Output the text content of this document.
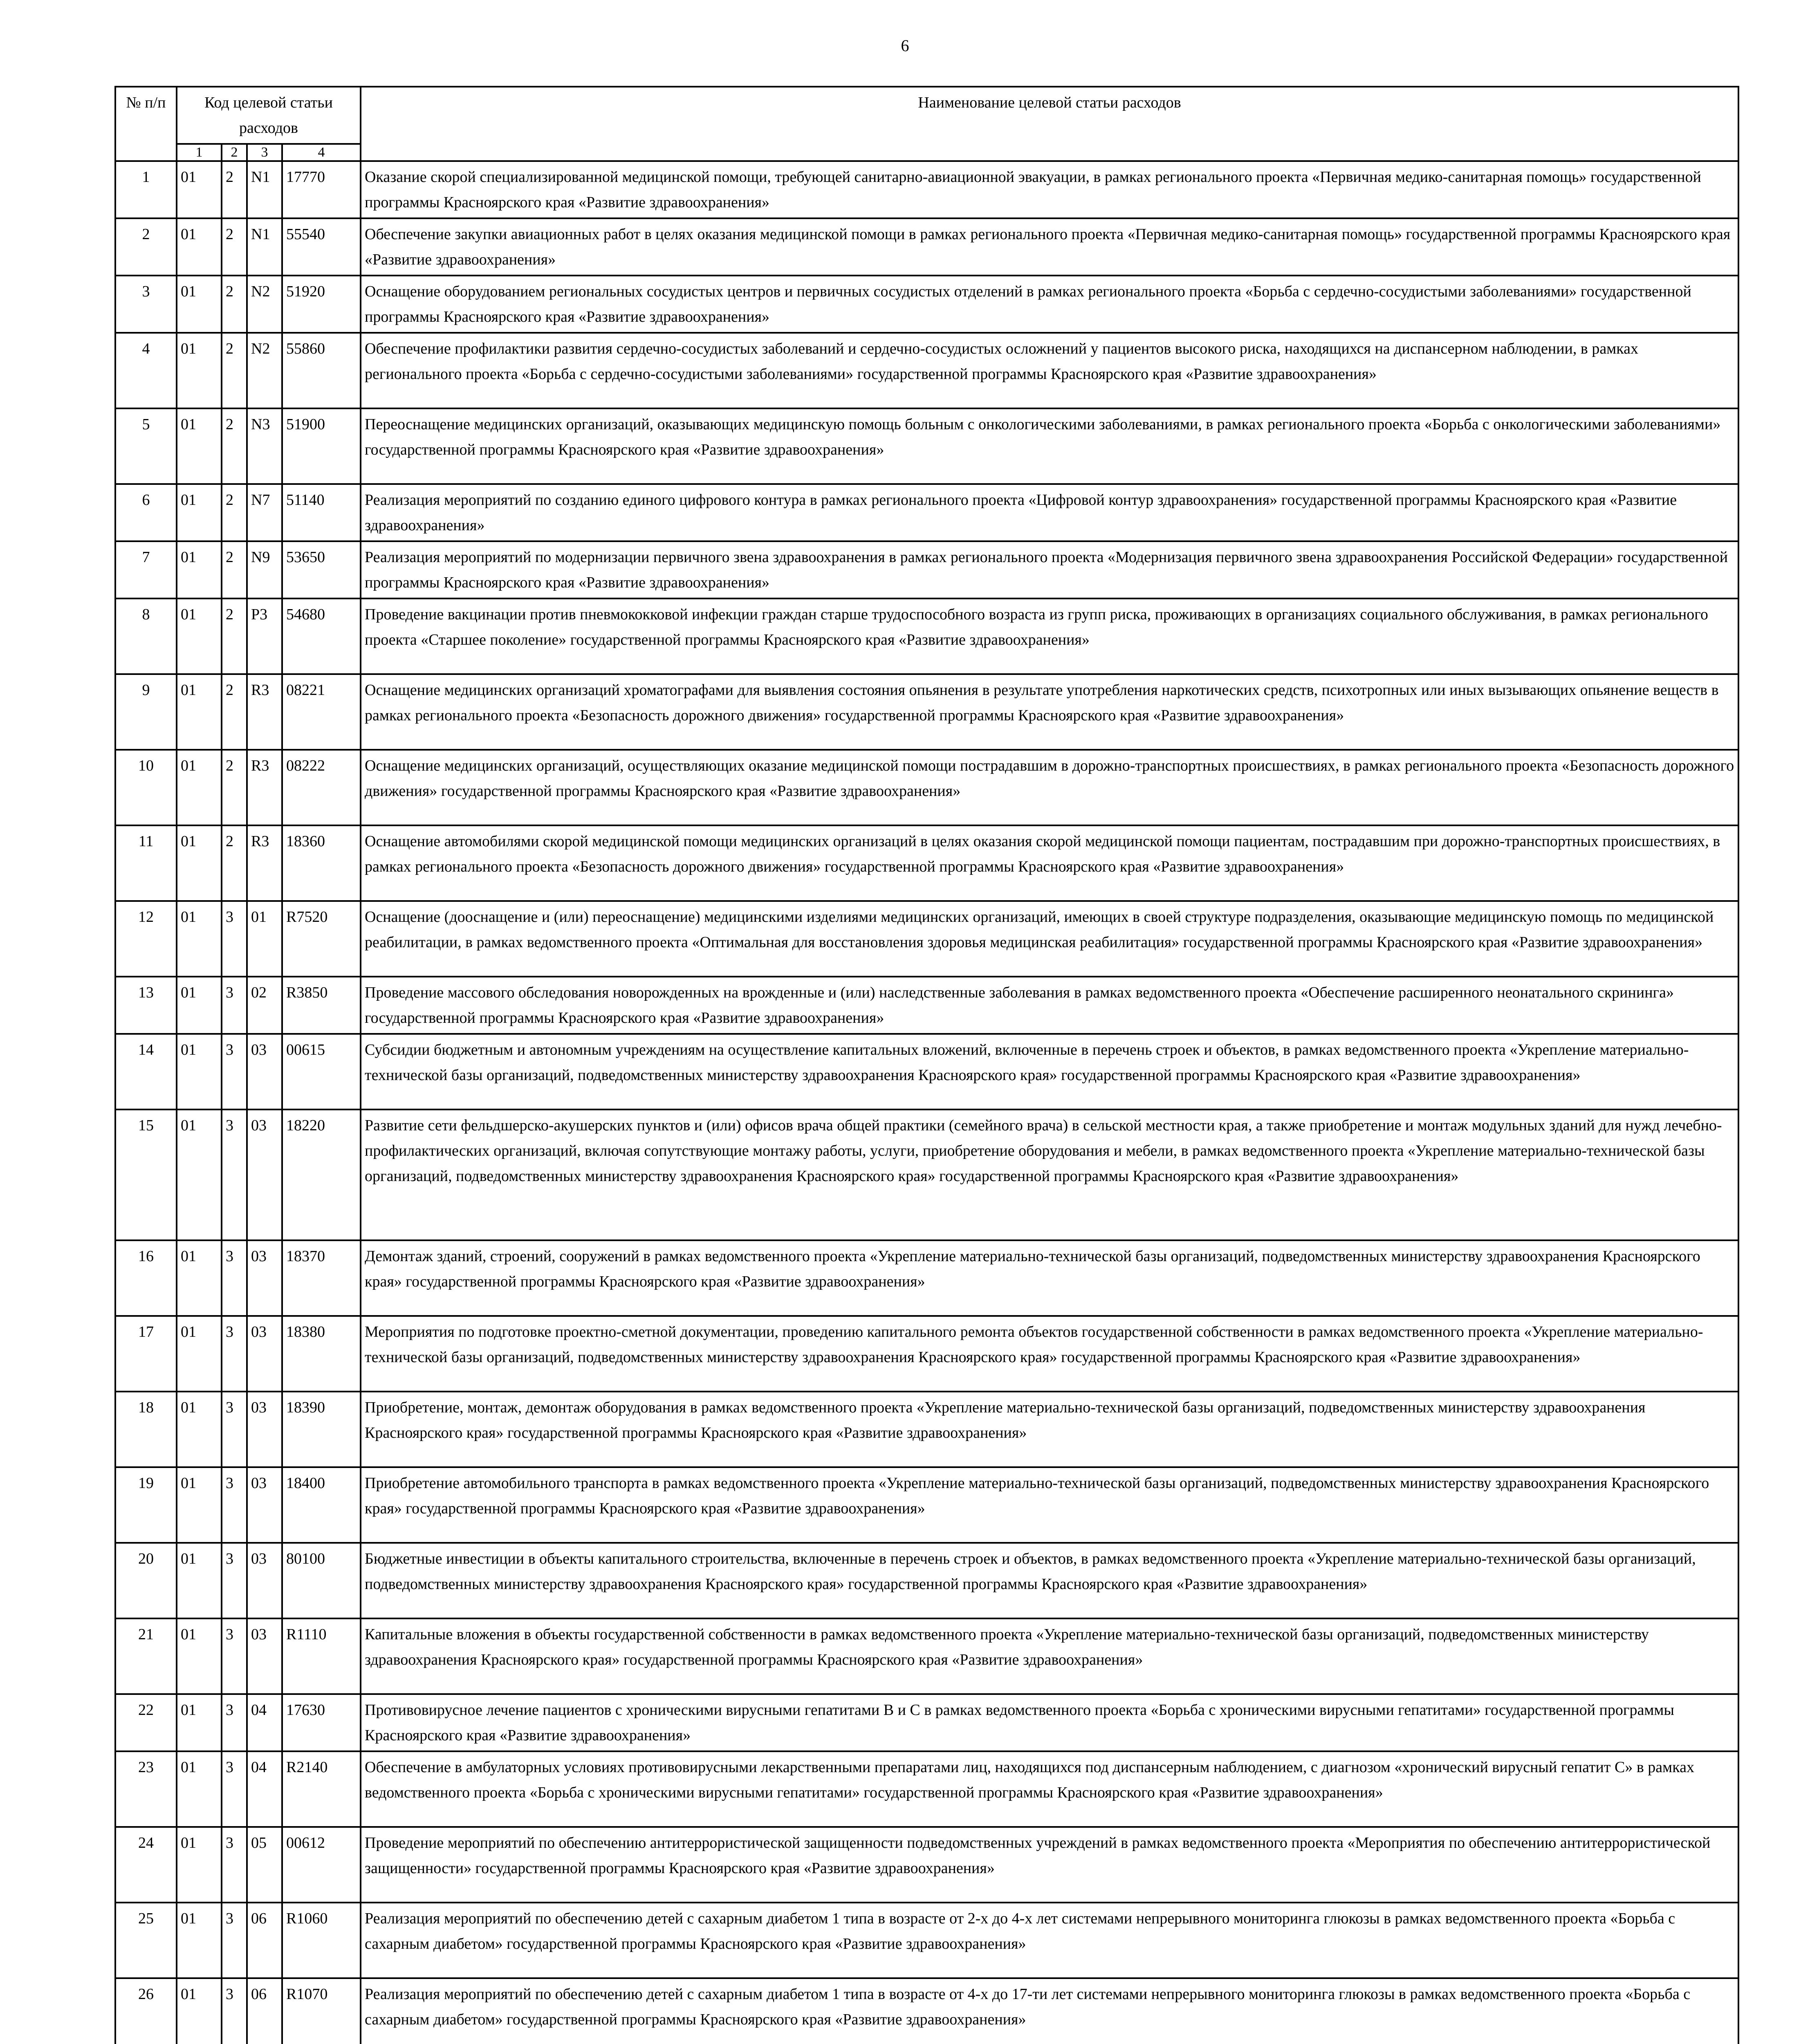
6
№ п/п	Код целевой статьи расходов				Наименование целевой статьи расходов
	1	2	3	4	
1	01	2	N1	17770	Оказание скорой специализированной медицинской помощи, требующей санитарно-авиационной эвакуации, в рамках регионального проекта «Первичная медико-санитарная помощь» государственной программы Красноярского края «Развитие здравоохранения»
2	01	2	N1	55540	Обеспечение закупки авиационных работ в целях оказания медицинской помощи в рамках регионального проекта «Первичная медико-санитарная помощь» государственной программы Красноярского края «Развитие здравоохранения»
3	01	2	N2	51920	Оснащение оборудованием региональных сосудистых центров и первичных сосудистых отделений в рамках регионального проекта «Борьба с сердечно-сосудистыми заболеваниями» государственной программы Красноярского края «Развитие здравоохранения»
4	01	2	N2	55860	Обеспечение профилактики развития сердечно-сосудистых заболеваний и сердечно-сосудистых осложнений у пациентов высокого риска, находящихся на диспансерном наблюдении, в рамках регионального проекта «Борьба с сердечно-сосудистыми заболеваниями» государственной программы Красноярского края «Развитие здравоохранения»
5	01	2	N3	51900	Переоснащение медицинских организаций, оказывающих медицинскую помощь больным с онкологическими заболеваниями, в рамках регионального проекта «Борьба с онкологическими заболеваниями» государственной программы Красноярского края «Развитие здравоохранения»
6	01	2	N7	51140	Реализация мероприятий по созданию единого цифрового контура в рамках регионального проекта «Цифровой контур здравоохранения» государственной программы Красноярского края «Развитие здравоохранения»
7	01	2	N9	53650	Реализация мероприятий по модернизации первичного звена здравоохранения в рамках регионального проекта «Модернизация первичного звена здравоохранения Российской Федерации» государственной программы Красноярского края «Развитие здравоохранения»
8	01	2	P3	54680	Проведение вакцинации против пневмококковой инфекции граждан старше трудоспособного возраста из групп риска, проживающих в организациях социального обслуживания, в рамках регионального проекта «Старшее поколение» государственной программы Красноярского края «Развитие здравоохранения»
9	01	2	R3	08221	Оснащение медицинских организаций хроматографами для выявления состояния опьянения в результате употребления наркотических средств, психотропных или иных вызывающих опьянение веществ в рамках регионального проекта «Безопасность дорожного движения» государственной программы Красноярского края «Развитие здравоохранения»
10	01	2	R3	08222	Оснащение медицинских организаций, осуществляющих оказание медицинской помощи пострадавшим в дорожно-транспортных происшествиях, в рамках регионального проекта «Безопасность дорожного движения» государственной программы Красноярского края «Развитие здравоохранения»
11	01	2	R3	18360	Оснащение автомобилями скорой медицинской помощи медицинских организаций в целях оказания скорой медицинской помощи пациентам, пострадавшим при дорожно-транспортных происшествиях, в рамках регионального проекта «Безопасность дорожного движения» государственной программы Красноярского края «Развитие здравоохранения»
12	01	3	01	R7520	Оснащение (дооснащение и (или) переоснащение) медицинскими изделиями медицинских организаций, имеющих в своей структуре подразделения, оказывающие медицинскую помощь по медицинской реабилитации, в рамках ведомственного проекта «Оптимальная для восстановления здоровья медицинская реабилитация» государственной программы Красноярского края «Развитие здравоохранения»
13	01	3	02	R3850	Проведение массового обследования новорожденных на врожденные и (или) наследственные заболевания в рамках ведомственного проекта «Обеспечение расширенного неонатального скрининга» государственной программы Красноярского края «Развитие здравоохранения»
14	01	3	03	00615	Субсидии бюджетным и автономным учреждениям на осуществление капитальных вложений, включенные в перечень строек и объектов, в рамках ведомственного проекта «Укрепление материально-технической базы организаций, подведомственных министерству здравоохранения Красноярского края» государственной программы Красноярского края «Развитие здравоохранения»
15	01	3	03	18220	Развитие сети фельдшерско-акушерских пунктов и (или) офисов врача общей практики (семейного врача) в сельской местности края, а также приобретение и монтаж модульных зданий для нужд лечебно-профилактических организаций, включая сопутствующие монтажу работы, услуги, приобретение оборудования и мебели, в рамках ведомственного проекта «Укрепление материально-технической базы организаций, подведомственных министерству здравоохранения Красноярского края» государственной программы Красноярского края «Развитие здравоохранения»
16	01	3	03	18370	Демонтаж зданий, строений, сооружений в рамках ведомственного проекта «Укрепление материально-технической базы организаций, подведомственных министерству здравоохранения Красноярского края» государственной программы Красноярского края «Развитие здравоохранения»
17	01	3	03	18380	Мероприятия по подготовке проектно-сметной документации, проведению капитального ремонта объектов государственной собственности в рамках ведомственного проекта «Укрепление материально-технической базы организаций, подведомственных министерству здравоохранения Красноярского края» государственной программы Красноярского края «Развитие здравоохранения»
18	01	3	03	18390	Приобретение, монтаж, демонтаж оборудования в рамках ведомственного проекта «Укрепление материально-технической базы организаций, подведомственных министерству здравоохранения Красноярского края» государственной программы Красноярского края «Развитие здравоохранения»
19	01	3	03	18400	Приобретение автомобильного транспорта в рамках ведомственного проекта «Укрепление материально-технической базы организаций, подведомственных министерству здравоохранения Красноярского края» государственной программы Красноярского края «Развитие здравоохранения»
20	01	3	03	80100	Бюджетные инвестиции в объекты капитального строительства, включенные в перечень строек и объектов, в рамках ведомственного проекта «Укрепление материально-технической базы организаций, подведомственных министерству здравоохранения Красноярского края» государственной программы Красноярского края «Развитие здравоохранения»
21	01	3	03	R1110	Капитальные вложения в объекты государственной собственности в рамках ведомственного проекта «Укрепление материально-технической базы организаций, подведомственных министерству здравоохранения Красноярского края» государственной программы Красноярского края «Развитие здравоохранения»
22	01	3	04	17630	Противовирусное лечение пациентов с хроническими вирусными гепатитами В и С в рамках ведомственного проекта «Борьба с хроническими вирусными гепатитами» государственной программы Красноярского края «Развитие здравоохранения»
23	01	3	04	R2140	Обеспечение в амбулаторных условиях противовирусными лекарственными препаратами лиц, находящихся под диспансерным наблюдением, с диагнозом «хронический вирусный гепатит С» в рамках ведомственного проекта «Борьба с хроническими вирусными гепатитами» государственной программы Красноярского края «Развитие здравоохранения»
24	01	3	05	00612	Проведение мероприятий по обеспечению антитеррористической защищенности подведомственных учреждений в рамках ведомственного проекта «Мероприятия по обеспечению антитеррористической защищенности» государственной программы Красноярского края «Развитие здравоохранения»
25	01	3	06	R1060	Реализация мероприятий по обеспечению детей с сахарным диабетом 1 типа в возрасте от 2-х до 4-х лет системами непрерывного мониторинга глюкозы в рамках ведомственного проекта «Борьба с сахарным диабетом» государственной программы Красноярского края «Развитие здравоохранения»
26	01	3	06	R1070	Реализация мероприятий по обеспечению детей с сахарным диабетом 1 типа в возрасте от 4-х до 17-ти лет системами непрерывного мониторинга глюкозы в рамках ведомственного проекта «Борьба с сахарным диабетом» государственной программы Красноярского края «Развитие здравоохранения»
